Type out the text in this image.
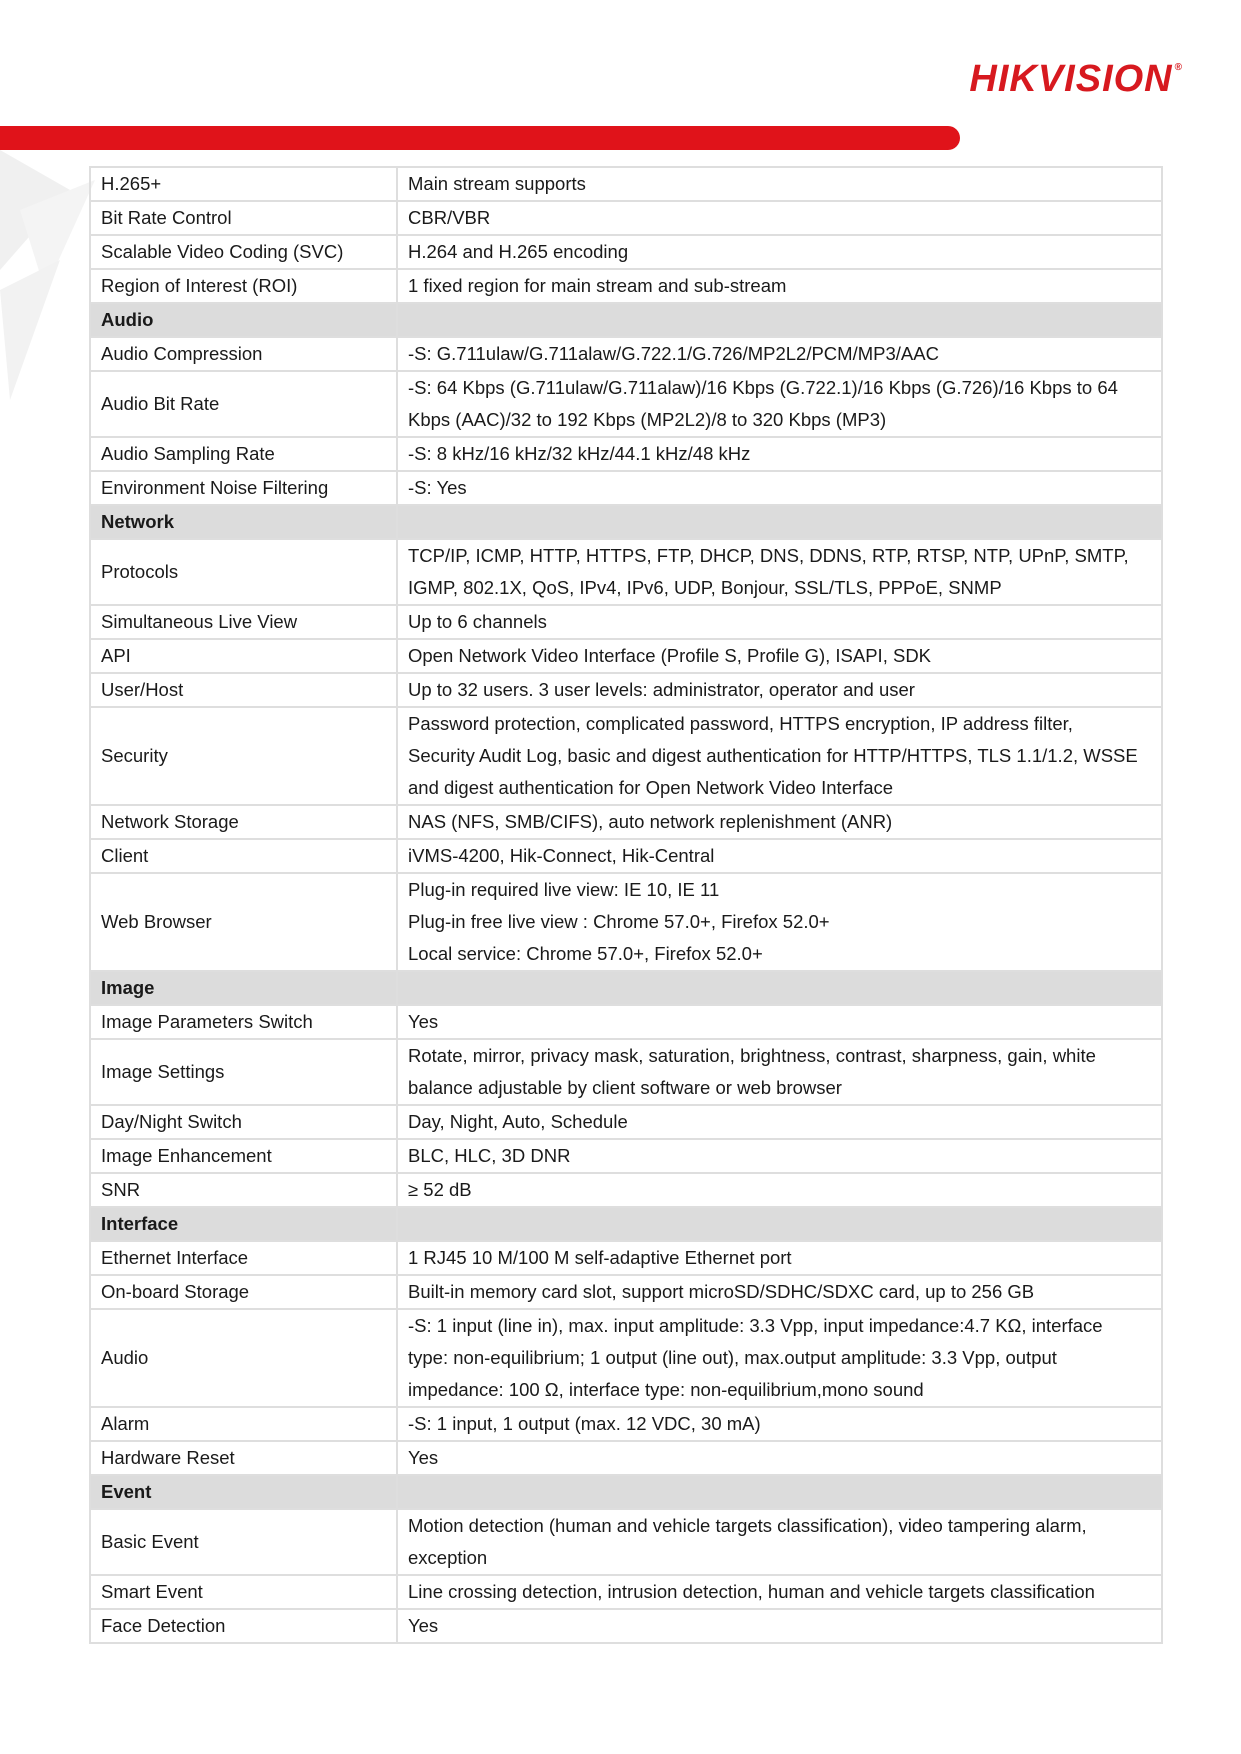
HIKVISION ®
H.265+	Main stream supports

Bit Rate Control	CBR/VBR

Scalable Video Coding (SVC)	H.264 and H.265 encoding

Region of Interest (ROI)	1 fixed region for main stream and sub-stream

Audio	
Audio Compression	-S: G.711ulaw/G.711alaw/G.722.1/G.726/MP2L2/PCM/MP3/AAC

Audio Bit Rate	-S: 64 Kbps (G.711ulaw/G.711alaw)/16 Kbps (G.722.1)/16 Kbps (G.726)/16 Kbps to 64
Kbps (AAC)/32 to 192 Kbps (MP2L2)/8 to 320 Kbps (MP3)

Audio Sampling Rate	-S: 8 kHz/16 kHz/32 kHz/44.1 kHz/48 kHz

Environment Noise Filtering	-S: Yes

Network	
Protocols	TCP/IP, ICMP, HTTP, HTTPS, FTP, DHCP, DNS, DDNS, RTP, RTSP, NTP, UPnP, SMTP,
IGMP, 802.1X, QoS, IPv4, IPv6, UDP, Bonjour, SSL/TLS, PPPoE, SNMP

Simultaneous Live View	Up to 6 channels

API	Open Network Video Interface (Profile S, Profile G), ISAPI, SDK

User/Host	Up to 32 users. 3 user levels: administrator, operator and user

Security	Password protection, complicated password, HTTPS encryption, IP address filter,
Security Audit Log, basic and digest authentication for HTTP/HTTPS, TLS 1.1/1.2, WSSE
and digest authentication for Open Network Video Interface

Network Storage	NAS (NFS, SMB/CIFS), auto network replenishment (ANR)

Client	iVMS-4200, Hik-Connect, Hik-Central

Web Browser	Plug-in required live view: IE 10, IE 11
Plug-in free live view : Chrome 57.0+, Firefox 52.0+
Local service: Chrome 57.0+, Firefox 52.0+

Image	
Image Parameters Switch	Yes

Image Settings	Rotate, mirror, privacy mask, saturation, brightness, contrast, sharpness, gain, white
balance adjustable by client software or web browser

Day/Night Switch	Day, Night, Auto, Schedule

Image Enhancement	BLC, HLC, 3D DNR

SNR	≥ 52 dB

Interface	
Ethernet Interface	1 RJ45 10 M/100 M self-adaptive Ethernet port

On-board Storage	Built-in memory card slot, support microSD/SDHC/SDXC card, up to 256 GB

Audio	-S: 1 input (line in), max. input amplitude: 3.3 Vpp, input impedance:4.7 KΩ, interface
type: non-equilibrium; 1 output (line out), max.output amplitude: 3.3 Vpp, output
impedance: 100 Ω, interface type: non-equilibrium,mono sound

Alarm	-S: 1 input, 1 output (max. 12 VDC, 30 mA)

Hardware Reset	Yes

Event	
Basic Event	Motion detection (human and vehicle targets classification), video tampering alarm,
exception

Smart Event	Line crossing detection, intrusion detection, human and vehicle targets classification

Face Detection	Yes
